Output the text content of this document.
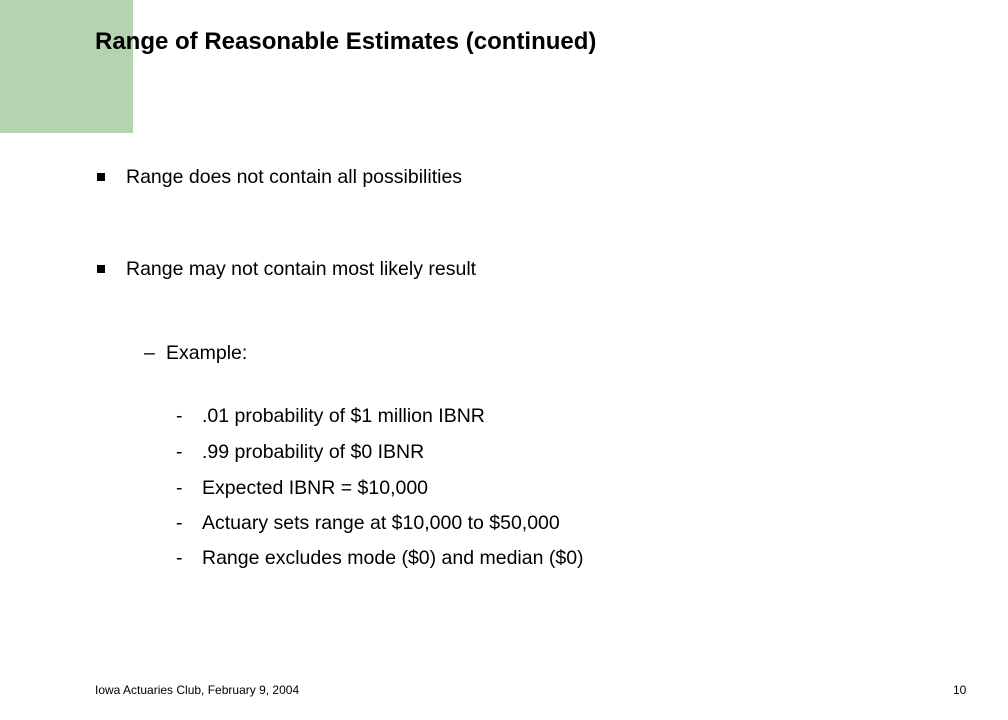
Range of Reasonable Estimates (continued)
Range does not contain all possibilities
Range may not contain most likely result
– Example:
- .01 probability of $1 million IBNR
- .99 probability of $0 IBNR
- Expected IBNR = $10,000
- Actuary sets range at $10,000 to $50,000
- Range excludes mode ($0) and median ($0)
Iowa Actuaries Club, February 9, 2004	10
